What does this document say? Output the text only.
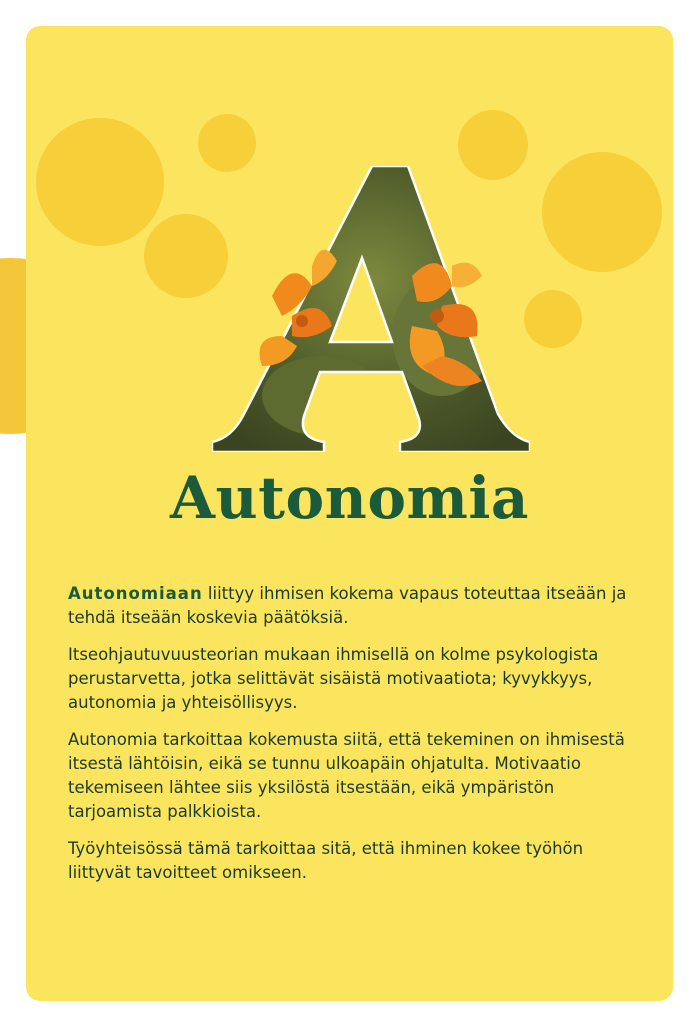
Autonomia

Autonomiaan liittyy ihmisen kokema vapaus toteuttaa itseään ja tehdä itseään koskevia päätöksiä.

Itseohjautuvuusteorian mukaan ihmisellä on kolme psykologista perustarvetta, jotka selittävät sisäistä motivaatiota; kyvykkyys, autonomia ja yhteisöllisyys.

Autonomia tarkoittaa kokemusta siitä, että tekeminen on ihmisestä itsestä lähtöisin, eikä se tunnu ulkoapäin ohjatulta. Motivaatio tekemiseen lähtee siis yksilöstä itsestään, eikä ympäristön tarjoamista palkkioista.

Työyhteisössä tämä tarkoittaa sitä, että ihminen kokee työhön liittyvät tavoitteet omikseen.
